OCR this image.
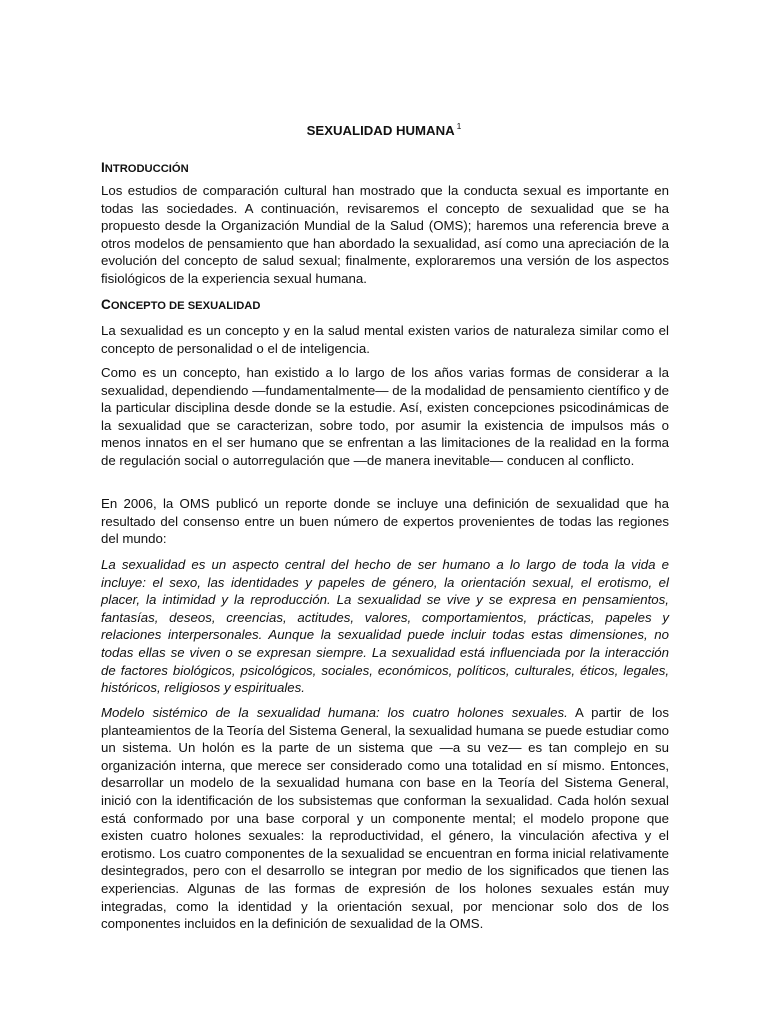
SEXUALIDAD HUMANA $^1$
INTRODUCCIÓN

Los estudios de comparación cultural han mostrado que la conducta sexual es importante en todas las sociedades. A continuación, revisaremos el concepto de sexualidad que se ha propuesto desde la Organización Mundial de la Salud (OMS); haremos una referencia breve a otros modelos de pensamiento que han abordado la sexualidad, así como una apreciación de la evolución del concepto de salud sexual; finalmente, exploraremos una versión de los aspectos fisiológicos de la experiencia sexual humana.

CONCEPTO DE SEXUALIDAD

La sexualidad es un concepto y en la salud mental existen varios de naturaleza similar como el concepto de personalidad o el de inteligencia.

Como es un concepto, han existido a lo largo de los años varias formas de considerar a la sexualidad, dependiendo —fundamentalmente— de la modalidad de pensamiento científico y de la particular disciplina desde donde se la estudie. Así, existen concepciones psicodinámicas de la sexualidad que se caracterizan, sobre todo, por asumir la existencia de impulsos más o menos innatos en el ser humano que se enfrentan a las limitaciones de la realidad en la forma de regulación social o autorregulación que —de manera inevitable— conducen al conflicto.

En 2006, la OMS publicó un reporte donde se incluye una definición de sexualidad que ha resultado del consenso entre un buen número de expertos provenientes de todas las regiones del mundo:

La sexualidad es un aspecto central del hecho de ser humano a lo largo de toda la vida e incluye: el sexo, las identidades y papeles de género, la orientación sexual, el erotismo, el placer, la intimidad y la reproducción. La sexualidad se vive y se expresa en pensamientos, fantasías, deseos, creencias, actitudes, valores, comportamientos, prácticas, papeles y relaciones interpersonales. Aunque la sexualidad puede incluir todas estas dimensiones, no todas ellas se viven o se expresan siempre. La sexualidad está influenciada por la interacción de factores biológicos, psicológicos, sociales, económicos, políticos, culturales, éticos, legales, históricos, religiosos y espirituales.

Modelo sistémico de la sexualidad humana: los cuatro holones sexuales. A partir de los planteamientos de la Teoría del Sistema General, la sexualidad humana se puede estudiar como un sistema. Un holón es la parte de un sistema que —a su vez— es tan complejo en su organización interna, que merece ser considerado como una totalidad en sí mismo. Entonces, desarrollar un modelo de la sexualidad humana con base en la Teoría del Sistema General, inició con la identificación de los subsistemas que conforman la sexualidad. Cada holón sexual está conformado por una base corporal y un componente mental; el modelo propone que existen cuatro holones sexuales: la reproductividad, el género, la vinculación afectiva y el erotismo. Los cuatro componentes de la sexualidad se encuentran en forma inicial relativamente desintegrados, pero con el desarrollo se integran por medio de los significados que tienen las experiencias. Algunas de las formas de expresión de los holones sexuales están muy integradas, como la identidad y la orientación sexual, por mencionar solo dos de los componentes incluidos en la definición de sexualidad de la OMS.
